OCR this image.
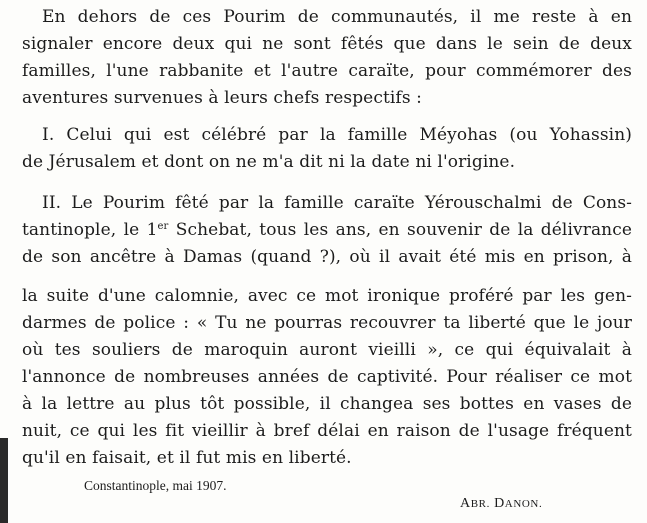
En dehors de ces Pourim de communautés, il me reste à en
signaler encore deux qui ne sont fêtés que dans le sein de deux
familles, l'une rabbanite et l'autre caraïte, pour commémorer des
aventures survenues à leurs chefs respectifs :
I. Celui qui est célébré par la famille Méyohas (ou Yohassin)
de Jérusalem et dont on ne m'a dit ni la date ni l'origine.
II. Le Pourim fêté par la famille caraïte Yérouschalmi de Cons-
tantinople, le 1er Schebat, tous les ans, en souvenir de la délivrance
de son ancêtre à Damas (quand ?), où il avait été mis en prison, à
la suite d'une calomnie, avec ce mot ironique proféré par les gen-
darmes de police : « Tu ne pourras recouvrer ta liberté que le jour
où tes souliers de maroquin auront vieilli », ce qui équivalait à
l'annonce de nombreuses années de captivité. Pour réaliser ce mot
à la lettre au plus tôt possible, il changea ses bottes en vases de
nuit, ce qui les fit vieillir à bref délai en raison de l'usage fréquent
qu'il en faisait, et il fut mis en liberté.
Constantinople, mai 1907.
ABR. DANON.
